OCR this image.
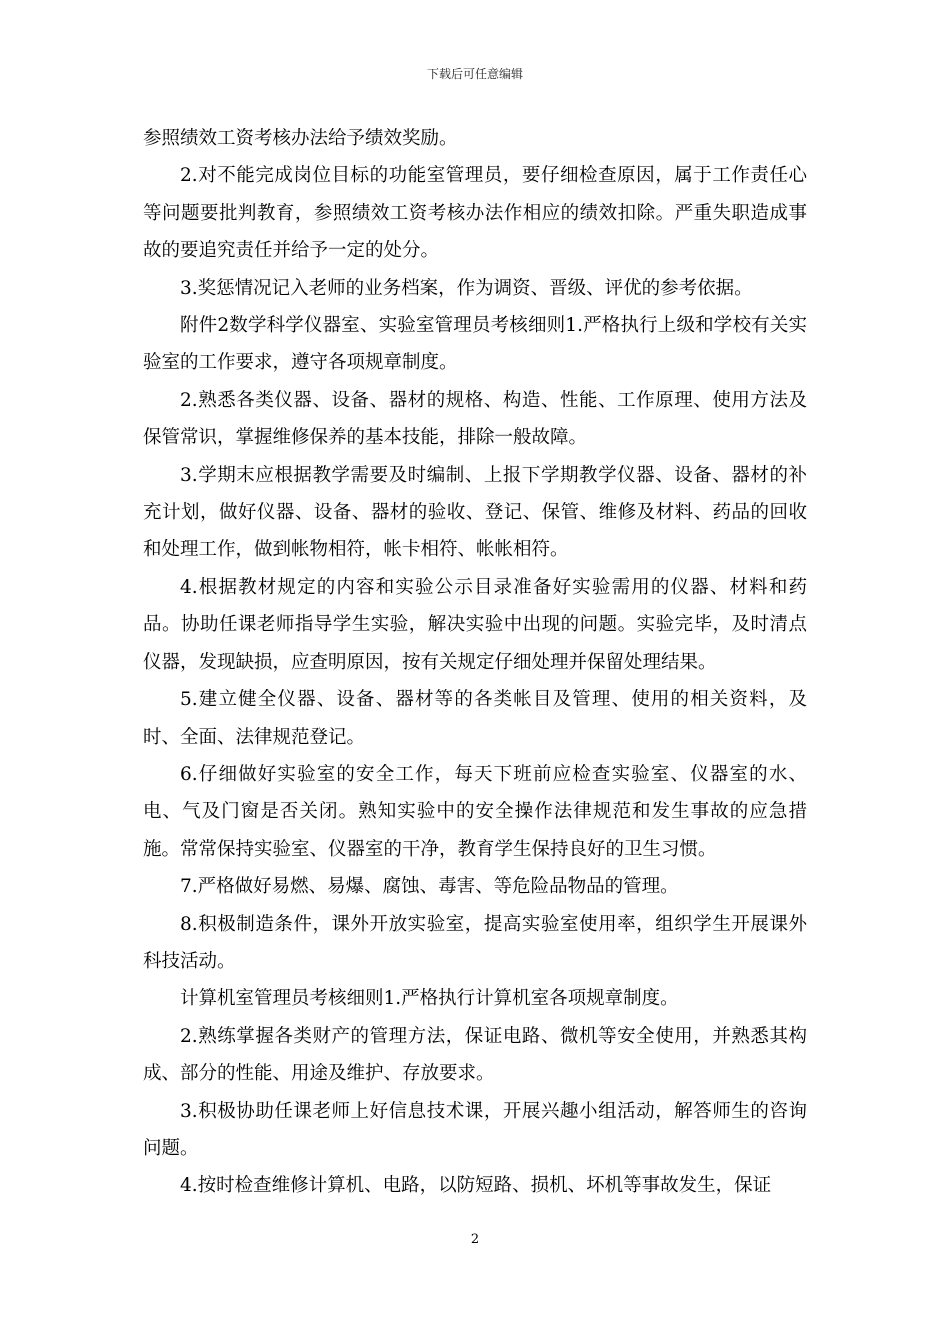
下载后可任意编辑

参照绩效工资考核办法给予绩效奖励。

2.对不能完成岗位目标的功能室管理员，要仔细检查原因，属于工作责任心等问题要批判教育，参照绩效工资考核办法作相应的绩效扣除。严重失职造成事故的要追究责任并给予一定的处分。

3.奖惩情况记入老师的业务档案，作为调资、晋级、评优的参考依据。

附件2数学科学仪器室、实验室管理员考核细则1.严格执行上级和学校有关实验室的工作要求，遵守各项规章制度。

2.熟悉各类仪器、设备、器材的规格、构造、性能、工作原理、使用方法及保管常识，掌握维修保养的基本技能，排除一般故障。

3.学期末应根据教学需要及时编制、上报下学期教学仪器、设备、器材的补充计划，做好仪器、设备、器材的验收、登记、保管、维修及材料、药品的回收和处理工作，做到帐物相符，帐卡相符、帐帐相符。

4.根据教材规定的内容和实验公示目录准备好实验需用的仪器、材料和药品。协助任课老师指导学生实验，解决实验中出现的问题。实验完毕，及时清点仪器，发现缺损，应查明原因，按有关规定仔细处理并保留处理结果。

5.建立健全仪器、设备、器材等的各类帐目及管理、使用的相关资料，及时、全面、法律规范登记。

6.仔细做好实验室的安全工作，每天下班前应检查实验室、仪器室的水、电、气及门窗是否关闭。熟知实验中的安全操作法律规范和发生事故的应急措施。常常保持实验室、仪器室的干净，教育学生保持良好的卫生习惯。

7.严格做好易燃、易爆、腐蚀、毒害、等危险品物品的管理。

8.积极制造条件，课外开放实验室，提高实验室使用率，组织学生开展课外科技活动。

计算机室管理员考核细则1.严格执行计算机室各项规章制度。

2.熟练掌握各类财产的管理方法，保证电路、微机等安全使用，并熟悉其构成、部分的性能、用途及维护、存放要求。

3.积极协助任课老师上好信息技术课，开展兴趣小组活动，解答师生的咨询问题。

4.按时检查维修计算机、电路，以防短路、损机、坏机等事故发生，保证

2
